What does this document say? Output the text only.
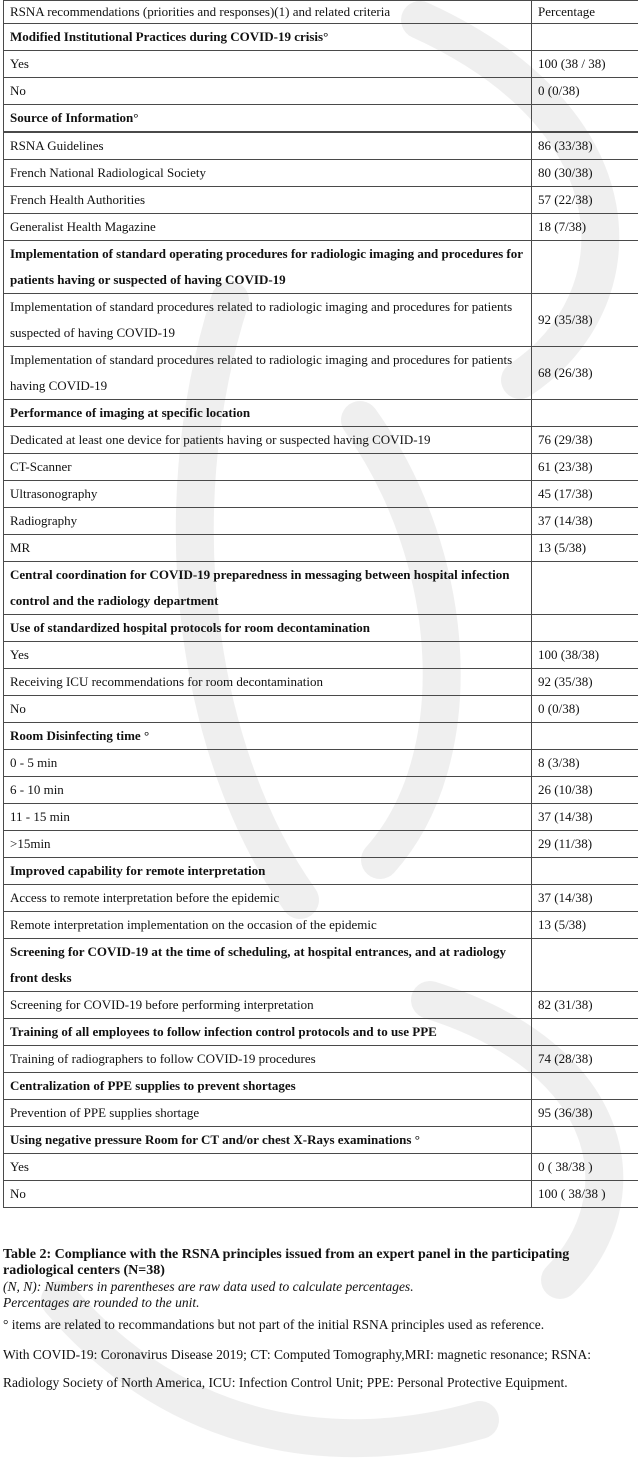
RSNA recommendations (priorities and responses)(1) and related criteria	Percentage
Modified Institutional Practices during COVID-19 crisis°	
Yes	100 (38 / 38)
No	0 (0/38)
Source of Information°	

RSNA Guidelines	86 (33/38)
French National Radiological Society	80 (30/38)
French Health Authorities	57 (22/38)
Generalist Health Magazine	18 (7/38)
Implementation of standard operating procedures for radiologic imaging and procedures for patients having or suspected of having COVID-19	
Implementation of standard procedures related to radiologic imaging and procedures for patients suspected of having COVID-19	92 (35/38)
Implementation of standard procedures related to radiologic imaging and procedures for patients having COVID-19	68 (26/38)
Performance of imaging at specific location	
Dedicated at least one device for patients having or suspected having COVID-19	76 (29/38)
CT-Scanner	61 (23/38)
Ultrasonography	45 (17/38)
Radiography	37 (14/38)
MR	13 (5/38)
Central coordination for COVID-19 preparedness in messaging between hospital infection control and the radiology department	
Use of standardized hospital protocols for room decontamination	
Yes	100 (38/38)
Receiving ICU recommendations for room decontamination	92 (35/38)
No	0 (0/38)
Room Disinfecting time °	
0 - 5 min	8 (3/38)
6 - 10 min	26 (10/38)
11 - 15 min	37 (14/38)
>15min	29 (11/38)
Improved capability for remote interpretation	
Access to remote interpretation before the epidemic	37 (14/38)
Remote interpretation implementation on the occasion of the epidemic	13 (5/38)
Screening for COVID-19 at the time of scheduling, at hospital entrances, and at radiology front desks	
Screening for COVID-19 before performing interpretation	82 (31/38)
Training of all employees to follow infection control protocols and to use PPE	
Training of radiographers to follow COVID-19 procedures	74 (28/38)
Centralization of PPE supplies to prevent shortages	
Prevention of PPE supplies shortage	95 (36/38)
Using negative pressure Room for CT and/or chest X-Rays examinations °	
Yes	0 ( 38/38 )
No	100 ( 38/38 )
Table 2: Compliance with the RSNA principles issued from an expert panel in the participating radiological centers (N=38)
(N, N): Numbers in parentheses are raw data used to calculate percentages.
Percentages are rounded to the unit.
° items are related to recommandations but not part of the initial RSNA principles used as reference.
With COVID-19: Coronavirus Disease 2019; CT: Computed Tomography,MRI: magnetic resonance; RSNA: Radiology Society of North America, ICU: Infection Control Unit; PPE: Personal Protective Equipment.
